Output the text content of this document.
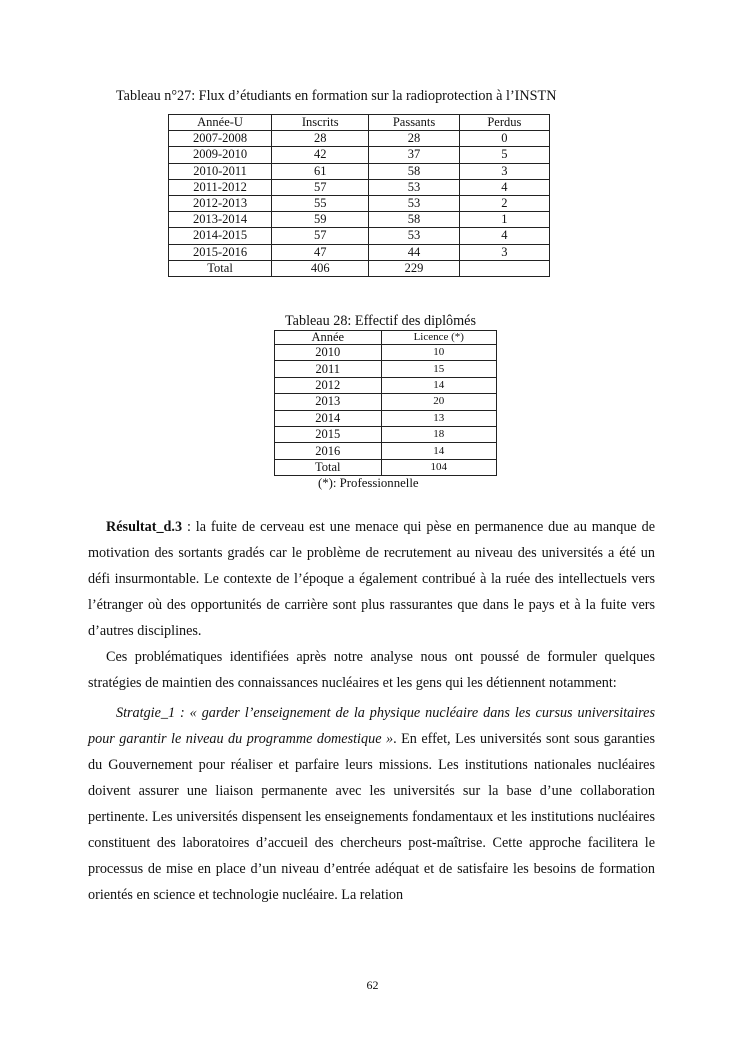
Tableau n°27: Flux d’étudiants en formation sur la radioprotection à l’INSTN
Année-U	Inscrits	Passants	Perdus
2007-2008	28	28	0
2009-2010	42	37	5
2010-2011	61	58	3
2011-2012	57	53	4
2012-2013	55	53	2
2013-2014	59	58	1
2014-2015	57	53	4
2015-2016	47	44	3
Total	406	229	
Tableau 28: Effectif des diplômés
Année	Licence (*)
2010	10
2011	15
2012	14
2013	20
2014	13
2015	18
2016	14
Total	104
(*): Professionnelle

Résultat_d.3 : la fuite de cerveau est une menace qui pèse en permanence due au manque de motivation des sortants gradés car le problème de recrutement au niveau des universités a été un défi insurmontable. Le contexte de l’époque a également contribué à la ruée des intellectuels vers l’étranger où des opportunités de carrière sont plus rassurantes que dans le pays et à la fuite vers d’autres disciplines.

Ces problématiques identifiées après notre analyse nous ont poussé de formuler quelques stratégies de maintien des connaissances nucléaires et les gens qui les détiennent notamment:

Stratgie_1 : « garder l’enseignement de la physique nucléaire dans les cursus universitaires pour garantir le niveau du programme domestique ». En effet, Les universités sont sous garanties du Gouvernement pour réaliser et parfaire leurs missions. Les institutions nationales nucléaires doivent assurer une liaison permanente avec les universités sur la base d’une collaboration pertinente. Les universités dispensent les enseignements fondamentaux et les institutions nucléaires constituent des laboratoires d’accueil des chercheurs post-maîtrise. Cette approche facilitera le processus de mise en place d’un niveau d’entrée adéquat et de satisfaire les besoins de formation orientés en science et technologie nucléaire. La relation

62
